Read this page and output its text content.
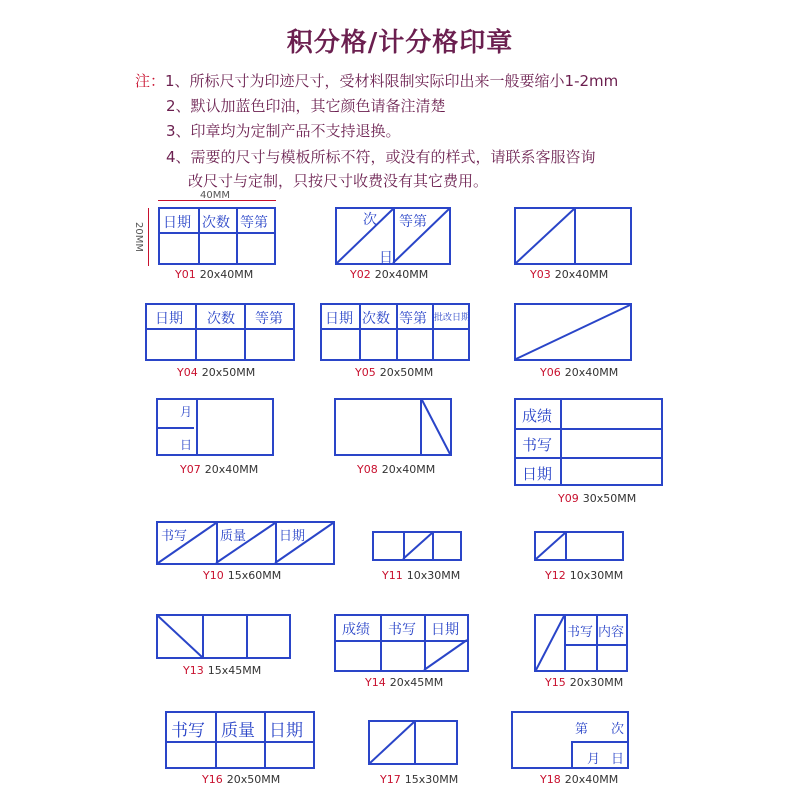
积分格/计分格印章
注：1、所标尺寸为印迹尺寸，受材料限制实际印出来一般要缩小1-2mm
2、默认加蓝色印油，其它颜色请备注清楚
3、印章均为定制产品不支持退换。
4、需要的尺寸与模板所标不符，或没有的样式，请联系客服咨询
改尺寸与定制，只按尺寸收费没有其它费用。
40MM
20MM 日期 次数 等第
Y01 20x40MM
次
日
等第
Y02 20x40MM	Y03 20x40MM
日期 次数 等第
Y04 20x50MM
日期 次数 等第 批改日期
Y05 20x50MM	Y06 20x40MM
月
日
Y07 20x40MM	Y08 20x40MM
成绩
书写
日期
Y09 30x50MM
书写	质量	日期
Y10 15x60MM	Y11 10x30MM	Y12 10x30MM
Y13 15x45MM
成绩 书写 日期
Y14 20x45MM
书写 内容
Y15 20x30MM
书写 质量 日期
Y16 20x50MM	Y17 15x30MM
第 次
月 日
Y18 20x40MM
